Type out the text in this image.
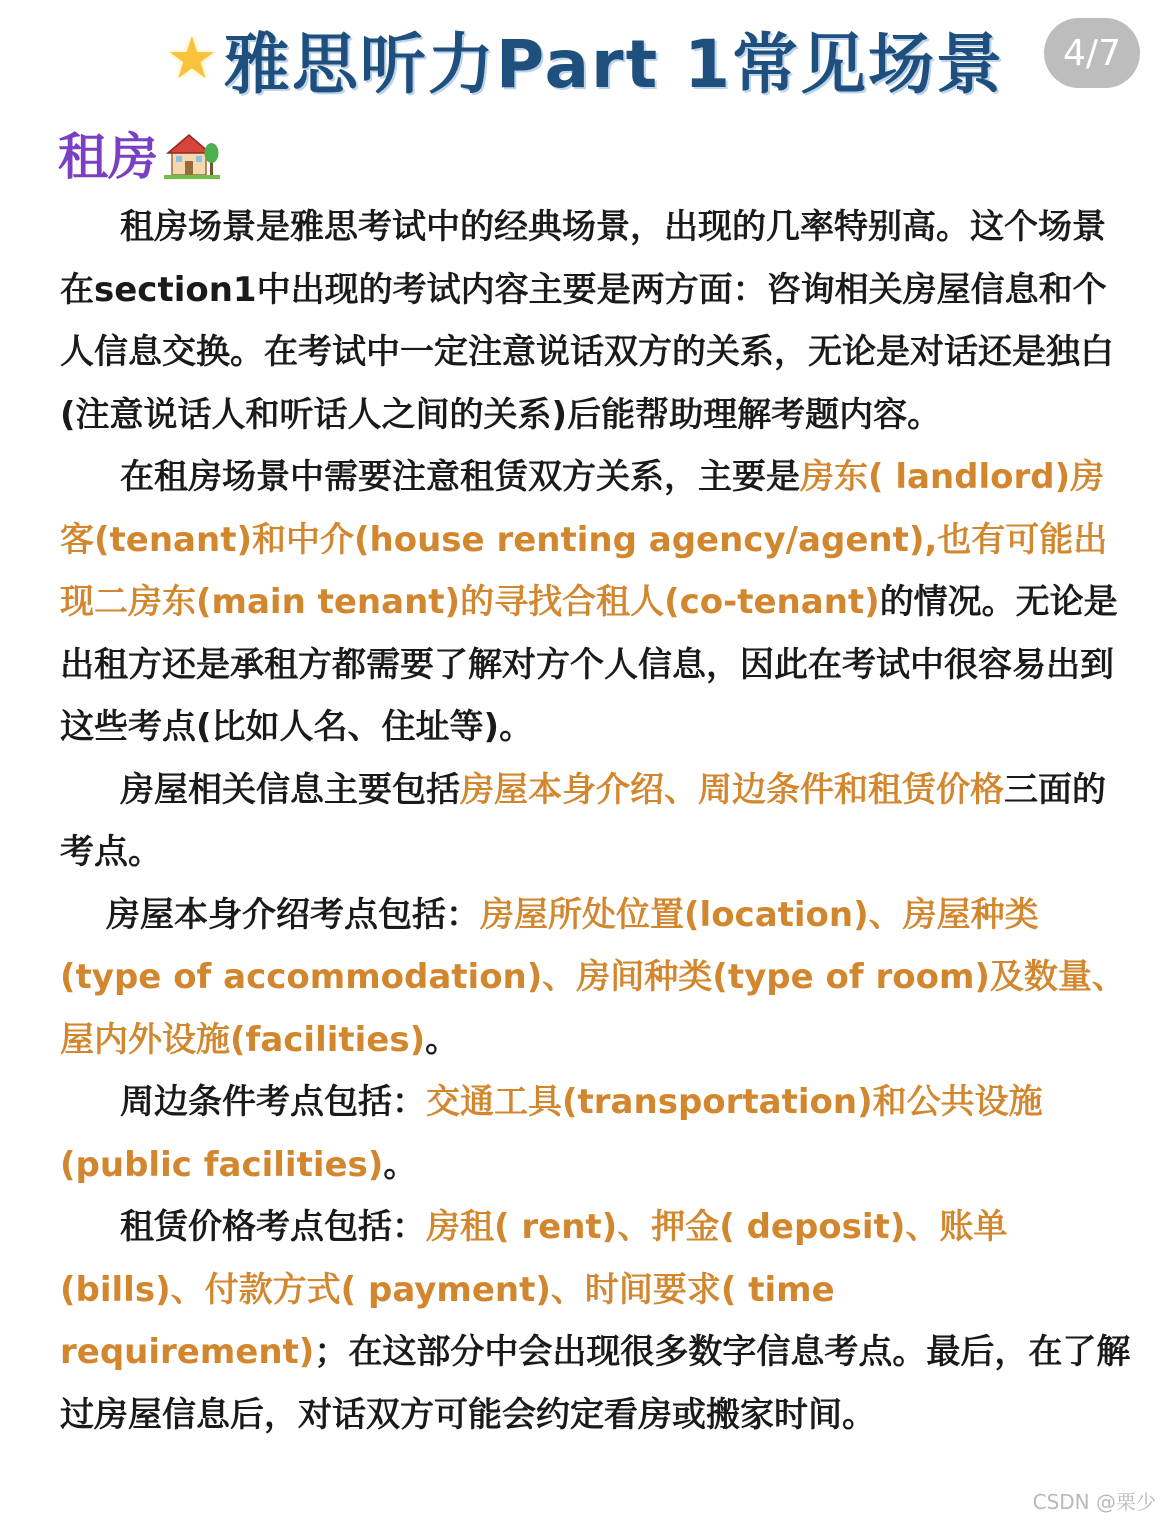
★ 雅思听力Part 1常见场景	4/7
租房

租房场景是雅思考试中的经典场景，出现的几率特别高。这个场景在section1中出现的考试内容主要是两方面：咨询相关房屋信息和个人信息交换。在考试中一定注意说话双方的关系，无论是对话还是独白(注意说话人和听话人之间的关系)后能帮助理解考题内容。

在租房场景中需要注意租赁双方关系，主要是房东( landlord)房客(tenant)和中介(house renting agency/agent),也有可能出现二房东(main tenant)的寻找合租人(co-tenant)的情况。无论是出租方还是承租方都需要了解对方个人信息，因此在考试中很容易出到这些考点(比如人名、住址等)。

房屋相关信息主要包括房屋本身介绍、周边条件和租赁价格三面的考点。

房屋本身介绍考点包括：房屋所处位置(location)、房屋种类(type of accommodation)、房间种类(type of room)及数量、屋内外设施(facilities)。

周边条件考点包括：交通工具(transportation)和公共设施(public facilities)。

租赁价格考点包括：房租( rent)、押金( deposit)、账单(bills)、付款方式( payment)、时间要求( time requirement)；在这部分中会出现很多数字信息考点。最后，在了解过房屋信息后，对话双方可能会约定看房或搬家时间。

CSDN @栗少
